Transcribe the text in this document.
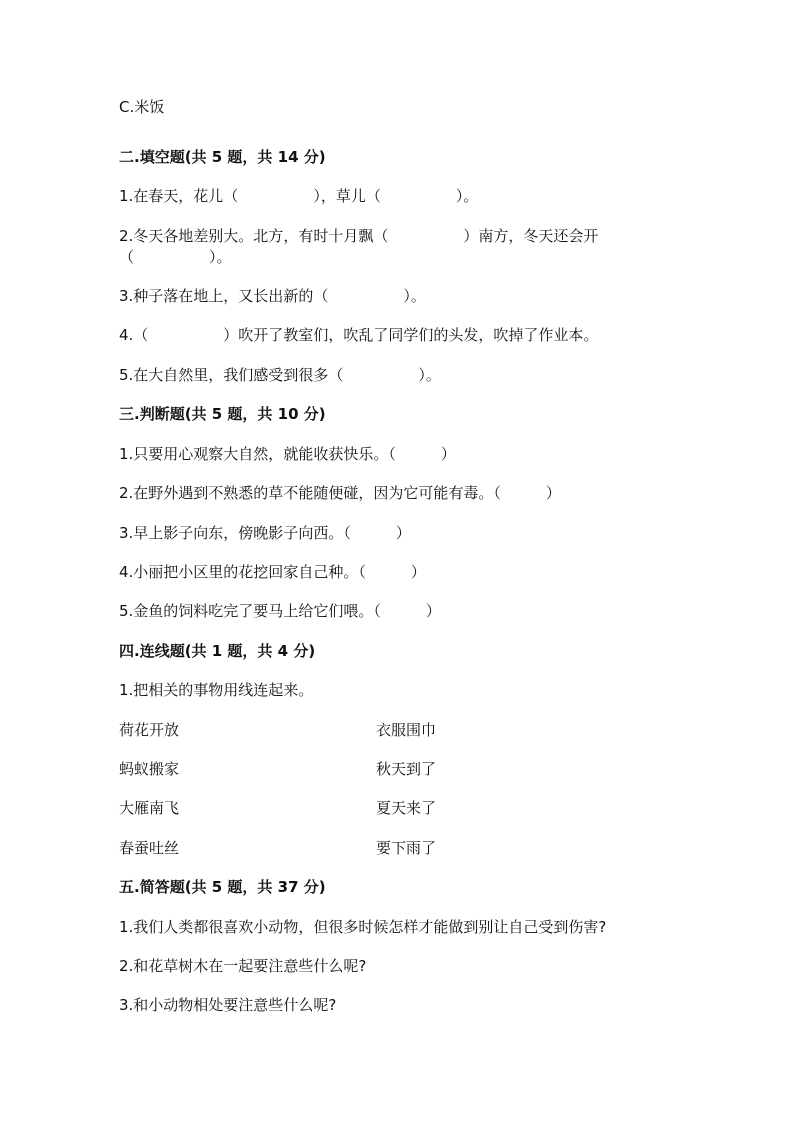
C.米饭
二.填空题(共 5 题，共 14 分)
1.在春天，花儿（　　　　　），草儿（　　　　　）。
2.冬天各地差别大。北方，有时十月飘（　　　　　）南方，冬天还会开
（　　　　　）。
3.种子落在地上，又长出新的（　　　　　）。
4.（　　　　　）吹开了教室们，吹乱了同学们的头发，吹掉了作业本。
5.在大自然里，我们感受到很多（　　　　　）。
三.判断题(共 5 题，共 10 分)
1.只要用心观察大自然，就能收获快乐。（　　　）
2.在野外遇到不熟悉的草不能随便碰，因为它可能有毒。（　　　）
3.早上影子向东，傍晚影子向西。（　　　）
4.小丽把小区里的花挖回家自己种。（　　　）
5.金鱼的饲料吃完了要马上给它们喂。（　　　）
四.连线题(共 1 题，共 4 分)
1.把相关的事物用线连起来。
荷花开放	衣服围巾
蚂蚁搬家	秋天到了
大雁南飞	夏天来了
春蚕吐丝	要下雨了
五.简答题(共 5 题，共 37 分)
1.我们人类都很喜欢小动物，但很多时候怎样才能做到别让自己受到伤害?
2.和花草树木在一起要注意些什么呢?
3.和小动物相处要注意些什么呢?
